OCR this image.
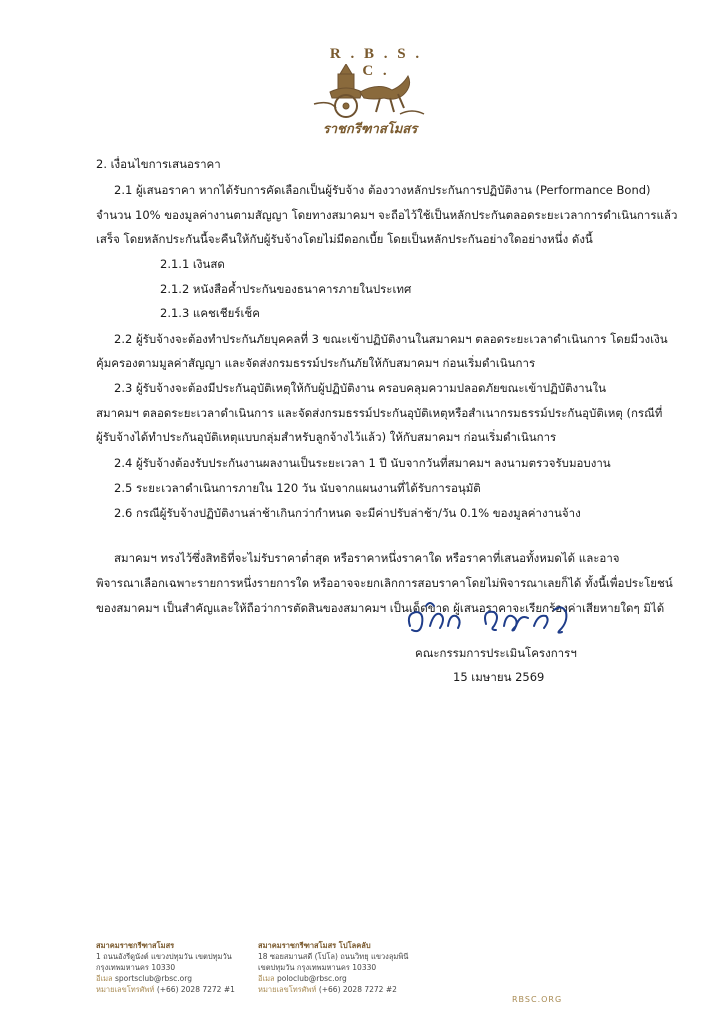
R . B . S . C .
ราชกรีฑาสโมสร
2. เงื่อนไขการเสนอราคา
2.1 ผู้เสนอราคา หากได้รับการคัดเลือกเป็นผู้รับจ้าง ต้องวางหลักประกันการปฏิบัติงาน (Performance Bond)
จำนวน 10% ของมูลค่างานตามสัญญา โดยทางสมาคมฯ จะถือไว้ใช้เป็นหลักประกันตลอดระยะเวลาการดำเนินการแล้ว
เสร็จ โดยหลักประกันนี้จะคืนให้กับผู้รับจ้างโดยไม่มีดอกเบี้ย โดยเป็นหลักประกันอย่างใดอย่างหนึ่ง ดังนี้
2.1.1 เงินสด
2.1.2 หนังสือค้ำประกันของธนาคารภายในประเทศ
2.1.3 แคชเชียร์เช็ค
2.2 ผู้รับจ้างจะต้องทำประกันภัยบุคคลที่ 3 ขณะเข้าปฏิบัติงานในสมาคมฯ ตลอดระยะเวลาดำเนินการ โดยมีวงเงิน
คุ้มครองตามมูลค่าสัญญา และจัดส่งกรมธรรม์ประกันภัยให้กับสมาคมฯ ก่อนเริ่มดำเนินการ
2.3 ผู้รับจ้างจะต้องมีประกันอุบัติเหตุให้กับผู้ปฏิบัติงาน ครอบคลุมความปลอดภัยขณะเข้าปฏิบัติงานใน
สมาคมฯ ตลอดระยะเวลาดำเนินการ และจัดส่งกรมธรรม์ประกันอุบัติเหตุหรือสำเนากรมธรรม์ประกันอุบัติเหตุ (กรณีที่
ผู้รับจ้างได้ทำประกันอุบัติเหตุแบบกลุ่มสำหรับลูกจ้างไว้แล้ว) ให้กับสมาคมฯ ก่อนเริ่มดำเนินการ
2.4 ผู้รับจ้างต้องรับประกันงานผลงานเป็นระยะเวลา 1 ปี นับจากวันที่สมาคมฯ ลงนามตรวจรับมอบงาน
2.5 ระยะเวลาดำเนินการภายใน 120 วัน นับจากแผนงานที่ได้รับการอนุมัติ
2.6 กรณีผู้รับจ้างปฏิบัติงานล่าช้าเกินกว่ากำหนด จะมีค่าปรับล่าช้า/วัน 0.1% ของมูลค่างานจ้าง
สมาคมฯ ทรงไว้ซึ่งสิทธิที่จะไม่รับราคาต่ำสุด หรือราคาหนึ่งราคาใด หรือราคาที่เสนอทั้งหมดได้ และอาจ
พิจารณาเลือกเฉพาะรายการหนึ่งรายการใด หรืออาจจะยกเลิกการสอบราคาโดยไม่พิจารณาเลยก็ได้ ทั้งนี้เพื่อประโยชน์
ของสมาคมฯ เป็นสำคัญและให้ถือว่าการตัดสินของสมาคมฯ เป็นเด็ดขาด ผู้เสนอราคาจะเรียกร้องค่าเสียหายใดๆ มิได้
คณะกรรมการประเมินโครงการฯ
15 เมษายน 2569
สมาคมราชกรีฑาสโมสร
1 ถนนอังรีดูนังต์ แขวงปทุมวัน เขตปทุมวัน
กรุงเทพมหานคร 10330
อีเมล sportsclub@rbsc.org
หมายเลขโทรศัพท์ (+66) 2028 7272 #1
สมาคมราชกรีฑาสโมสร โปโลคลับ
18 ซอยสมานสดี (โปโล) ถนนวิทยุ แขวงลุมพินี
เขตปทุมวัน กรุงเทพมหานคร 10330
อีเมล poloclub@rbsc.org
หมายเลขโทรศัพท์ (+66) 2028 7272 #2
RBSC.ORG
